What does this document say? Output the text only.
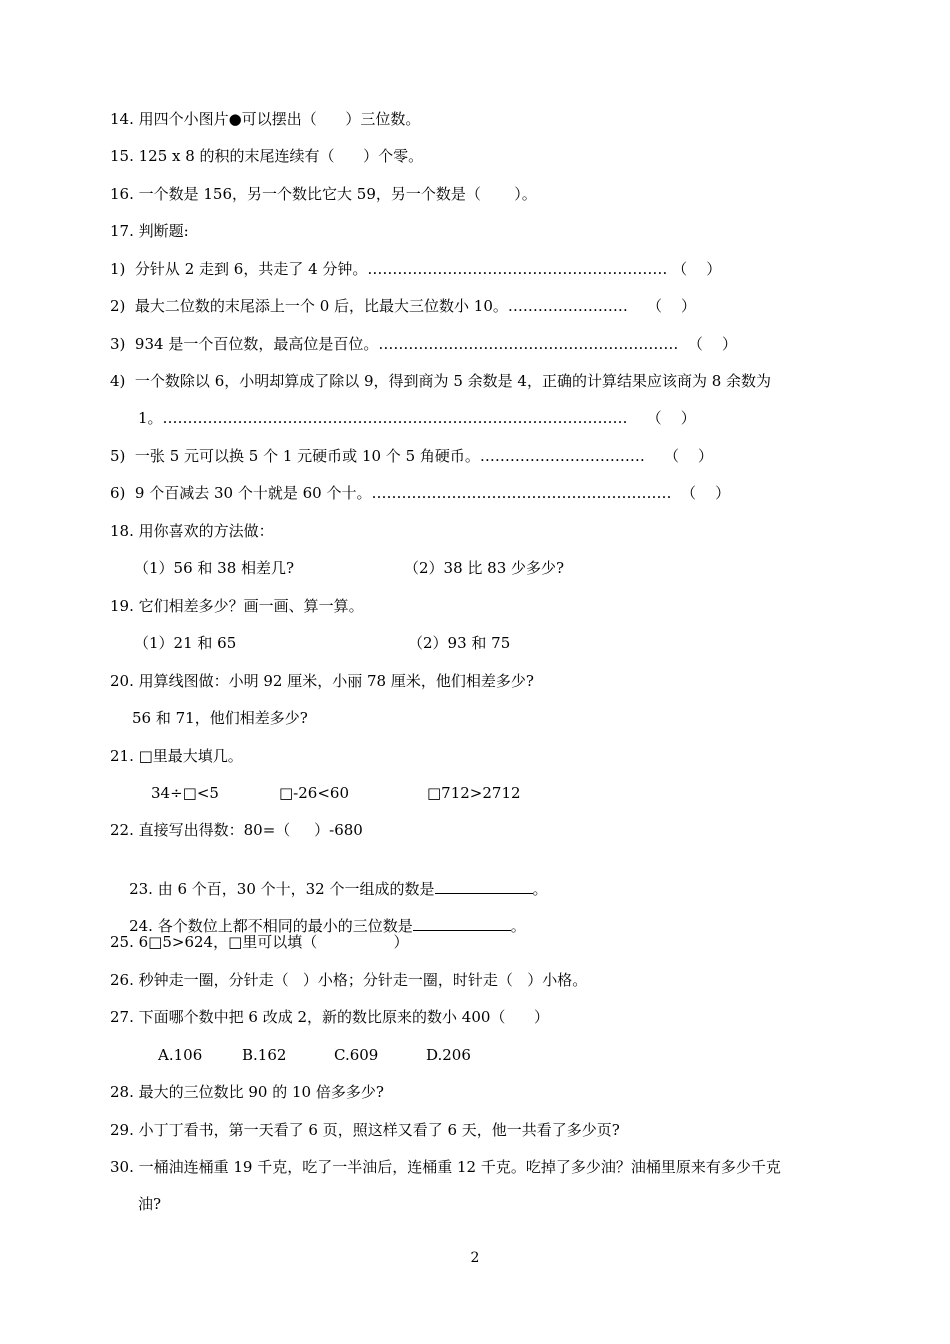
14. 用四个小图片●可以摆出（      ）三位数。
15. 125 x 8 的积的末尾连续有（      ）个零。
16. 一个数是 156，另一个数比它大 59，另一个数是（       ）。
17. 判断题:
1)  分针从 2 走到 6，共走了 4 分钟。…………………………………………………… （    ）
2)  最大二位数的末尾添上一个 0 后，比最大三位数小 10。……………………    （    ）
3)  934 是一个百位数，最高位是百位。……………………………………………………  （    ）
4)  一个数除以 6，小明却算成了除以 9，得到商为 5 余数是 4，正确的计算结果应该商为 8 余数为
1。…………………………………………………………………………………    （    ）
5)  一张 5 元可以换 5 个 1 元硬币或 10 个 5 角硬币。……………………………    （    ）
6)  9 个百减去 30 个十就是 60 个十。……………………………………………………  （    ）
18. 用你喜欢的方法做：
（1）56 和 38 相差几?	（2）38 比 83 少多少?
19. 它们相差多少？画一画、算一算。
（1）21 和 65	（2）93 和 75
20. 用算线图做：小明 92 厘米，小丽 78 厘米，他们相差多少?
56 和 71，他们相差多少?
21. □里最大填几。
34÷□<5	□-26<60	□712>2712
22. 直接写出得数：80=（     ）-680

23. 由 6 个百，30 个十，32 个一组成的数是	。

24. 各个数位上都不相同的最小的三位数是	。

25. 6□5>624，□里可以填（                ）
26. 秒钟走一圈，分针走（   ）小格；分针走一圈，时针走（   ）小格。
27. 下面哪个数中把 6 改成 2，新的数比原来的数小 400（      ）
A.106	B.162	C.609	D.206
28. 最大的三位数比 90 的 10 倍多多少?
29. 小丁丁看书，第一天看了 6 页，照这样又看了 6 天，他一共看了多少页?
30. 一桶油连桶重 19 千克，吃了一半油后，连桶重 12 千克。吃掉了多少油？油桶里原来有多少千克
油?
2
